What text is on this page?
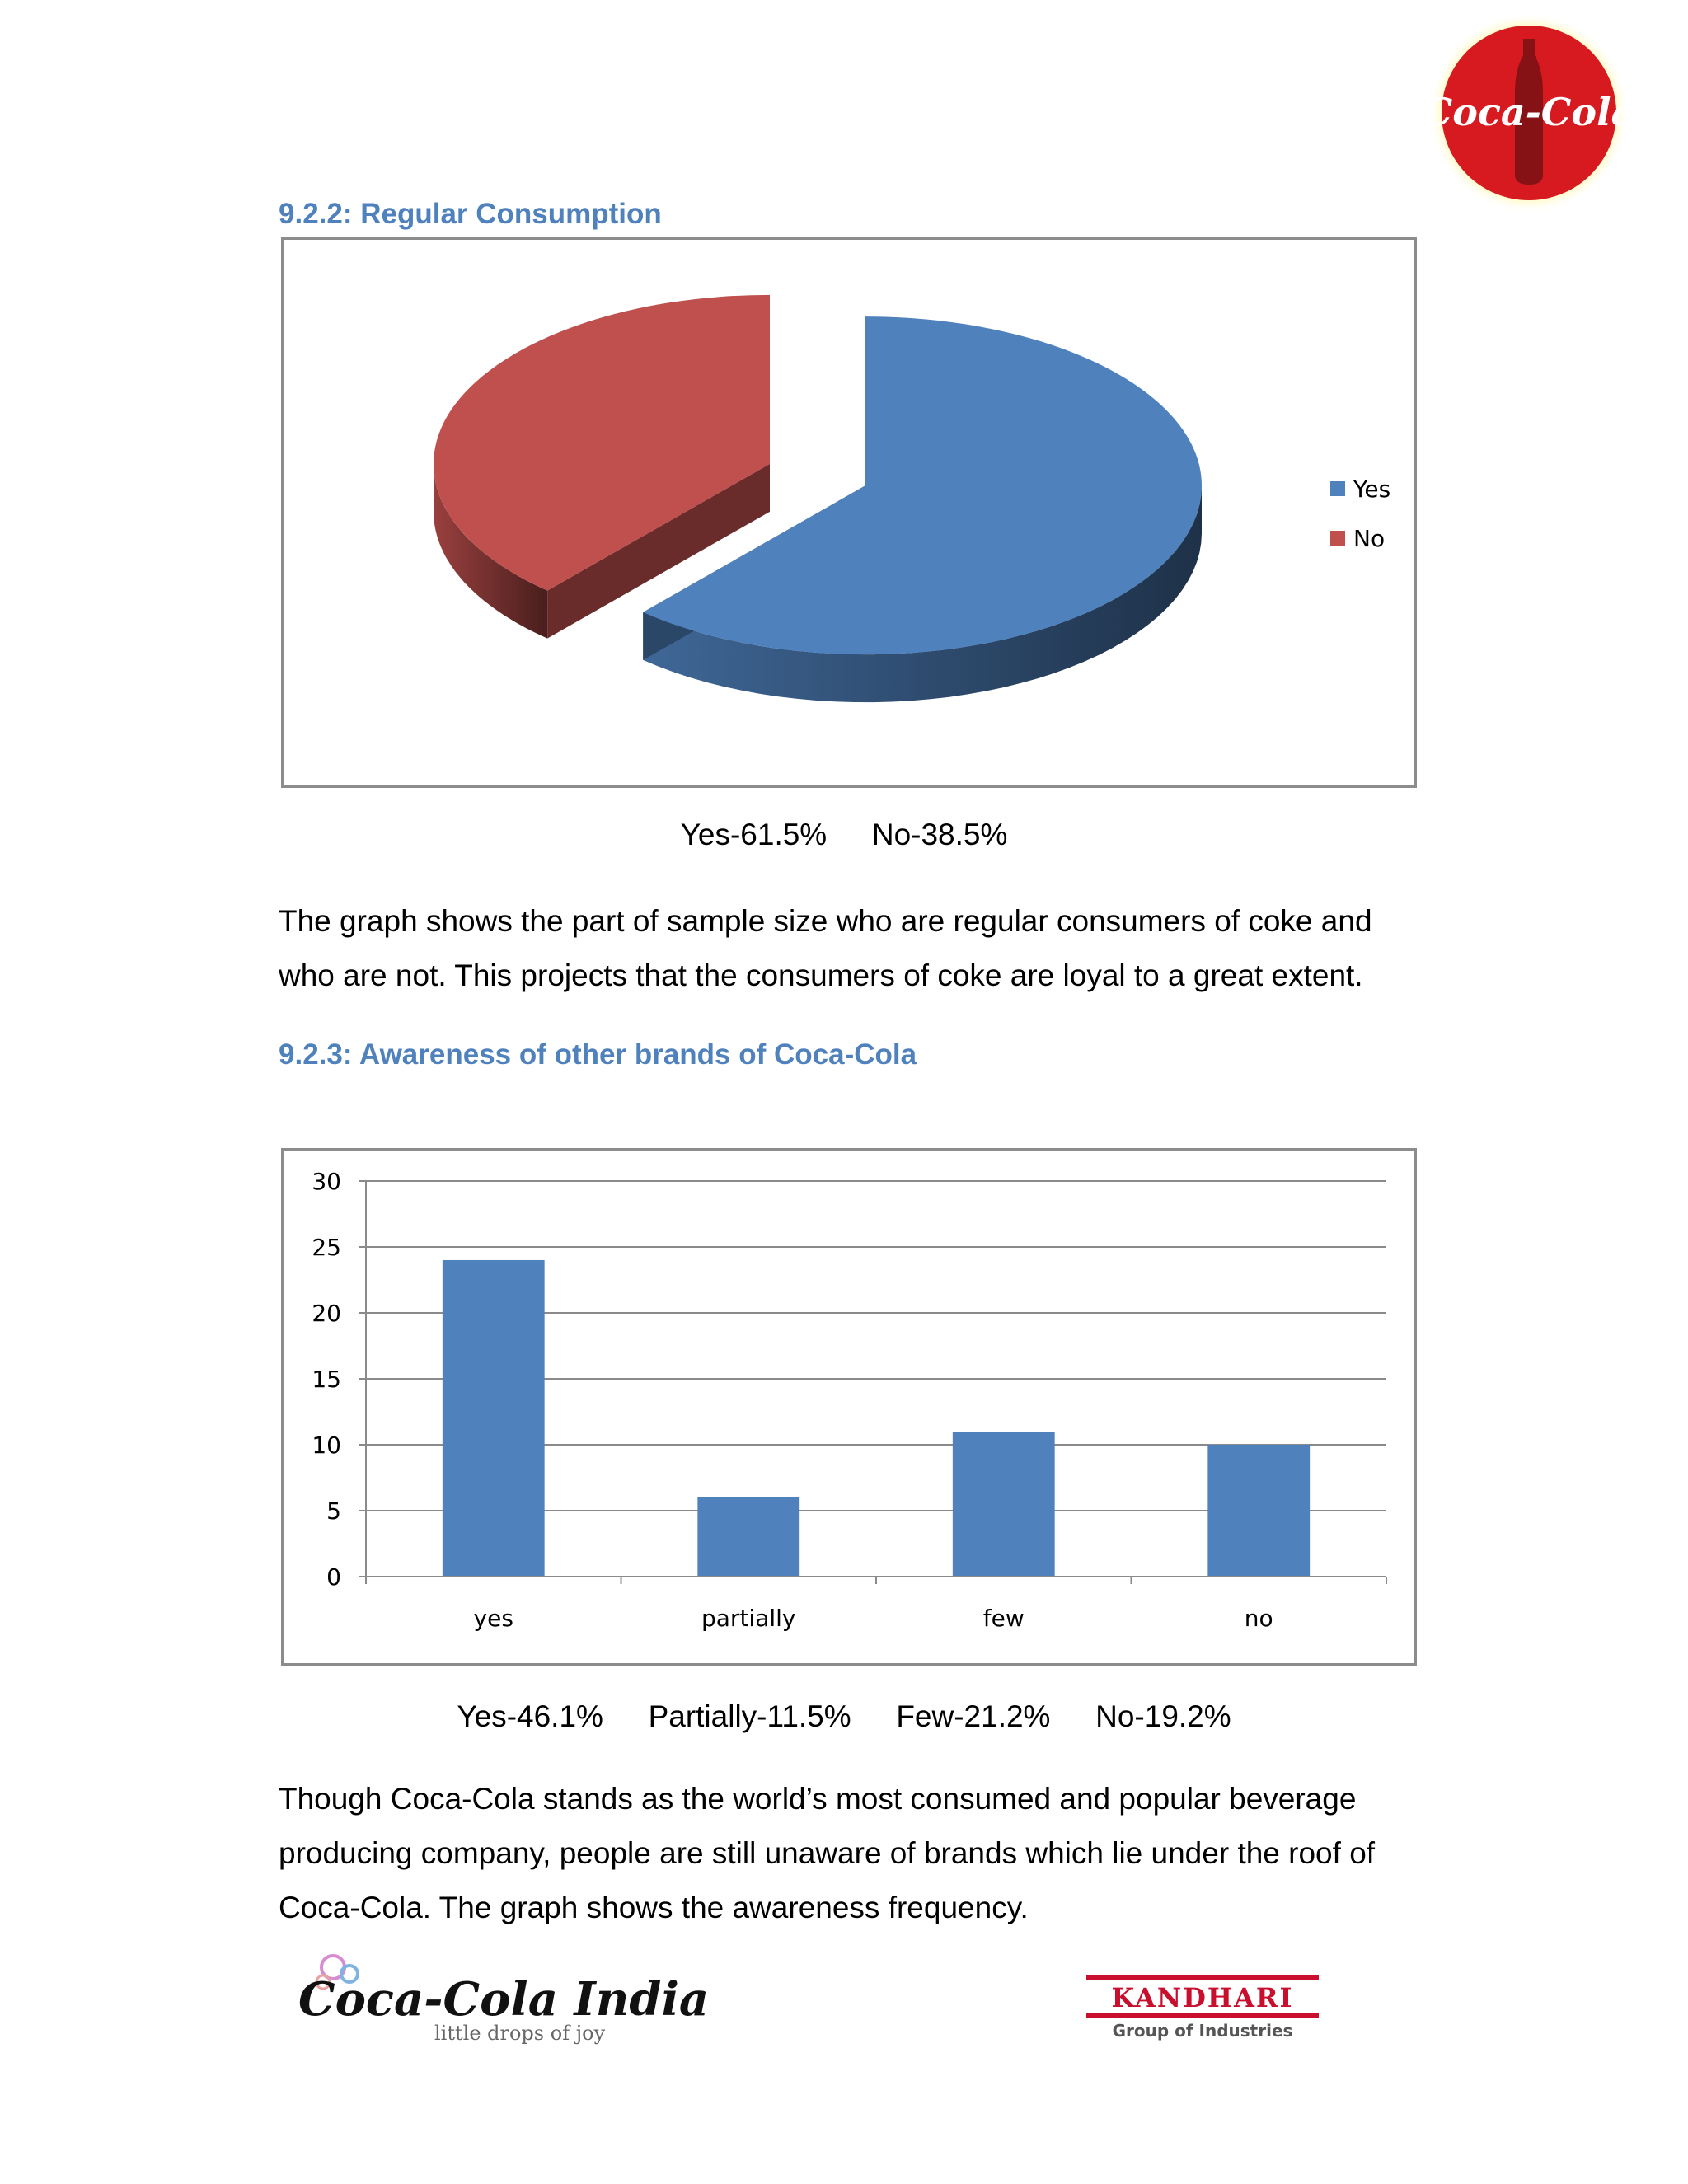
Coca-Cola
9.2.2: Regular Consumption
Yes
No
Yes-61.5% No-38.5%

The graph shows the part of sample size who are regular consumers of coke and who are not. This projects that the consumers of coke are loyal to a great extent.

9.2.3: Awareness of other brands of Coca-Cola
0
5
10
15
20
25
30
yes	partially	few	no
Yes-46.1% Partially-11.5% Few-21.2% No-19.2%

Though Coca-Cola stands as the world’s most consumed and popular beverage producing company, people are still unaware of brands which lie under the roof of Coca-Cola. The graph shows the awareness frequency.

Coca-Cola India
little drops of joy
KANDHARI
Group of Industries
